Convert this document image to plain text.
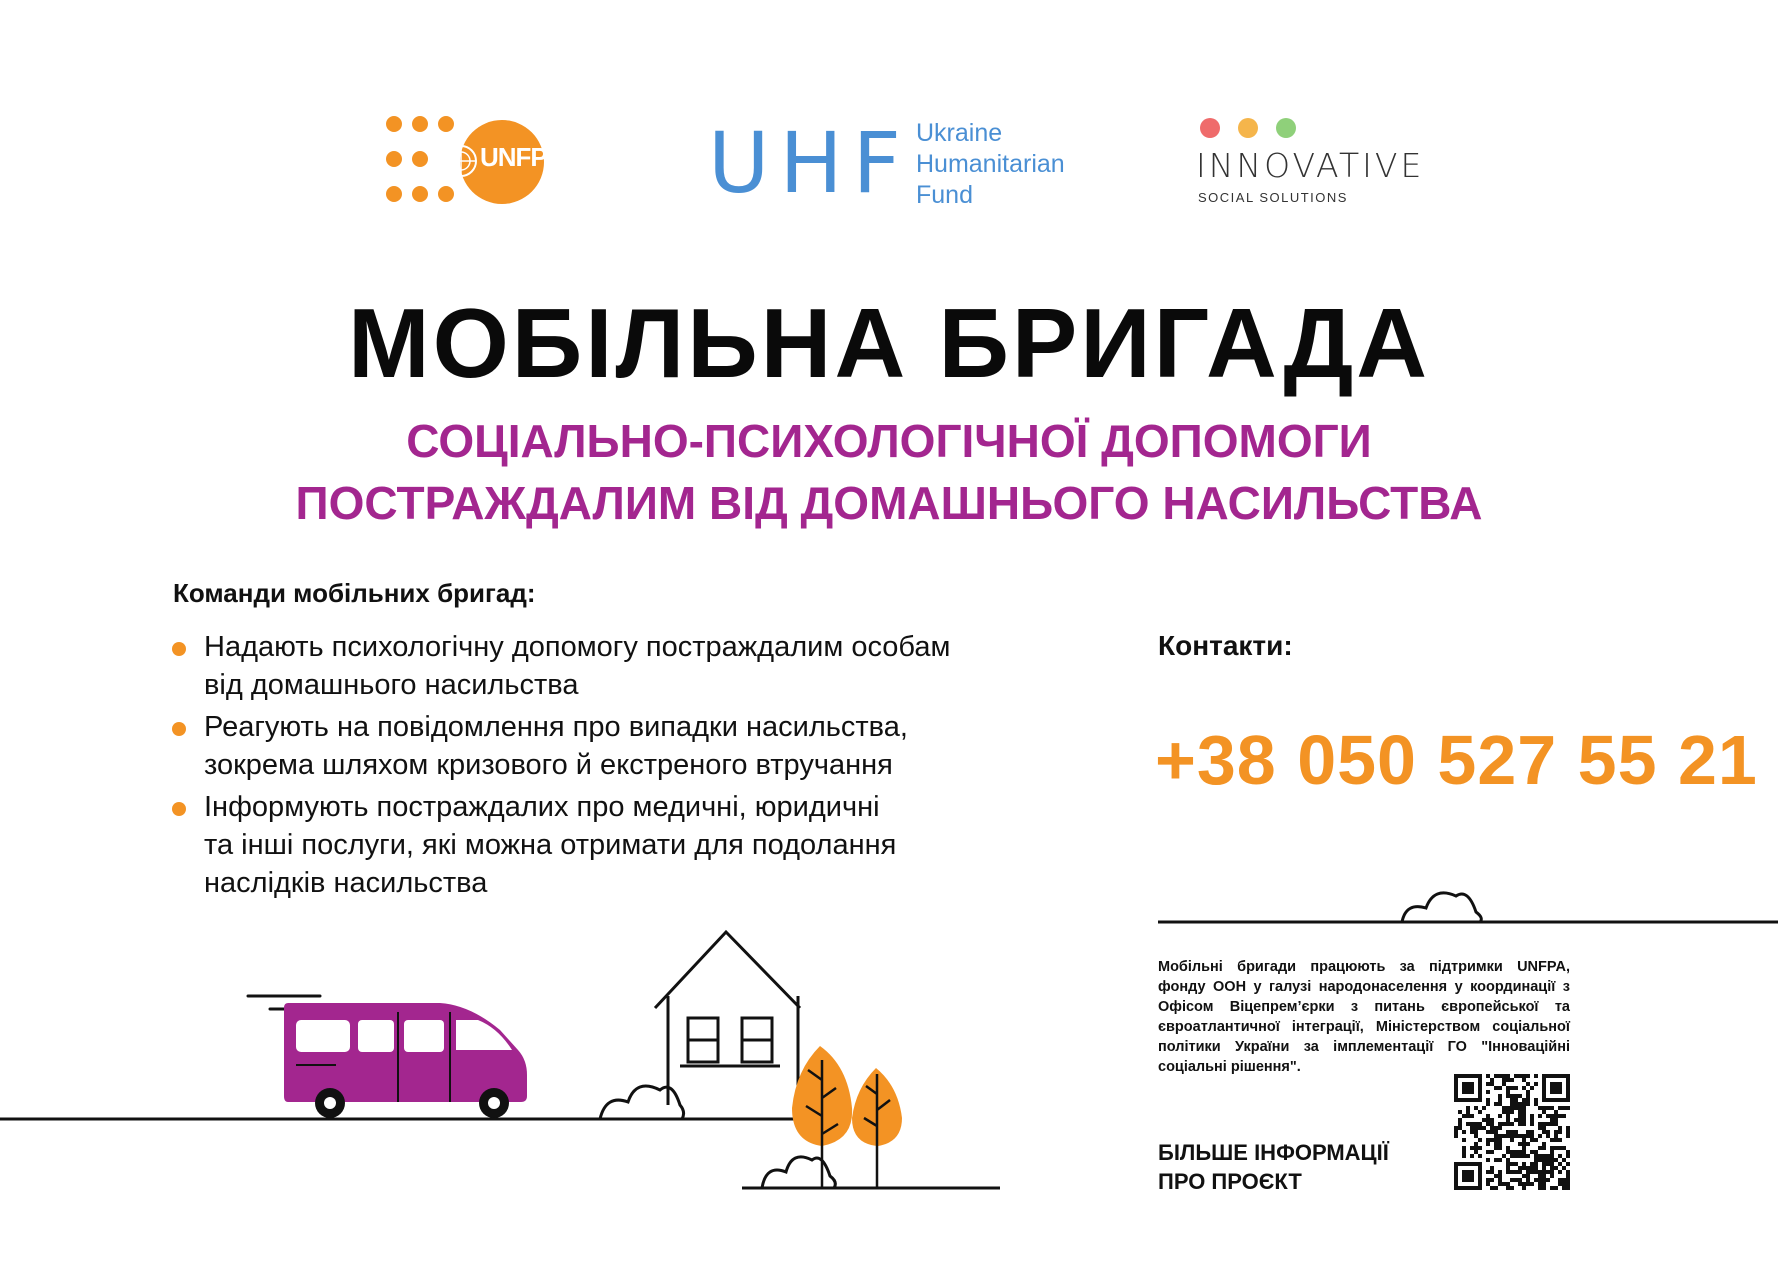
UNFPA UHF Ukraine
Humanitarian
Fund
INNOVATIVE
SOCIAL SOLUTIONS
МОБІЛЬНА БРИГАДА
СОЦІАЛЬНО-ПСИХОЛОГІЧНОЇ ДОПОМОГИ
ПОСТРАЖДАЛИМ ВІД ДОМАШНЬОГО НАСИЛЬСТВА
Команди мобільних бригад:
Надають психологічну допомогу постраждалим особам
від домашнього насильства
Реагують на повідомлення про випадки насильства,
зокрема шляхом кризового й екстреного втручання
Інформують постраждалих про медичні, юридичні
та інші послуги, які можна отримати для подолання
наслідків насильства
Контакти:
+38 050 527 55 21
Мобільні бригади працюють за підтримки UNFPA, фонду ООН у галузі народонаселення у координації з Офісом Віцепрем’єрки з питань європейської та євроатлантичної інтеграції, Міністерством соціальної політики України за імплементації ГО "Інноваційні соціальні рішення".
БІЛЬШЕ ІНФОРМАЦІЇ
ПРО ПРОЄКТ
